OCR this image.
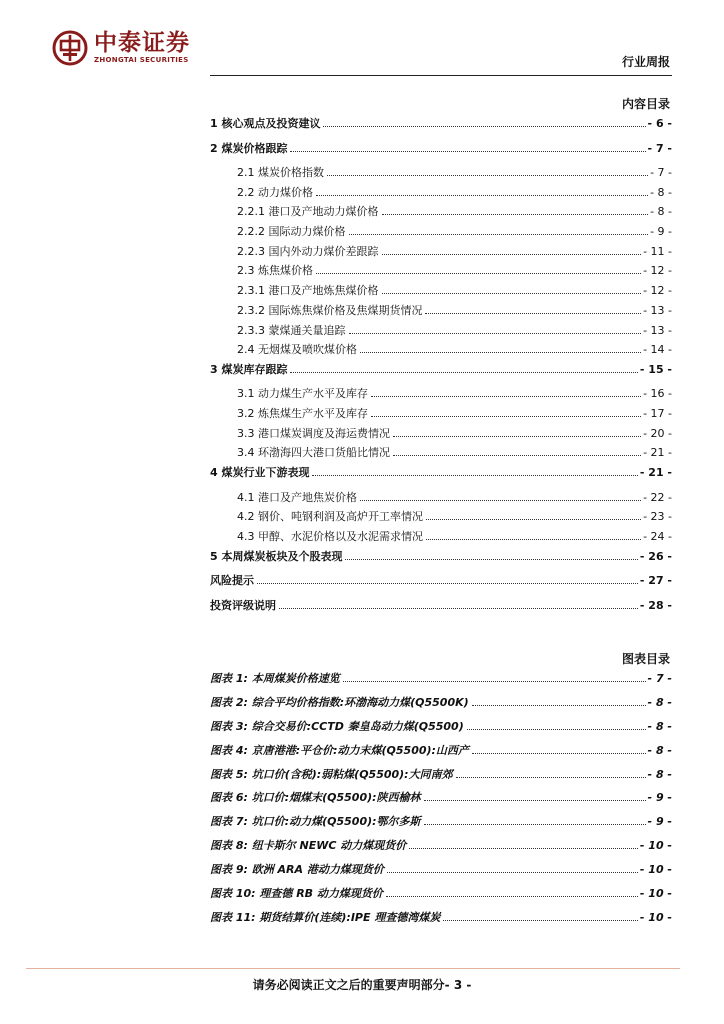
中泰证券
ZHONGTAI SECURITIES	行业周报
内容目录
1 核心观点及投资建议	- 6 -
2 煤炭价格跟踪	- 7 -
2.1 煤炭价格指数	- 7 -
2.2 动力煤价格	- 8 -
2.2.1 港口及产地动力煤价格	- 8 -
2.2.2 国际动力煤价格	- 9 -
2.2.3 国内外动力煤价差跟踪	- 11 -
2.3 炼焦煤价格	- 12 -
2.3.1 港口及产地炼焦煤价格	- 12 -
2.3.2 国际炼焦煤价格及焦煤期货情况	- 13 -
2.3.3 蒙煤通关量追踪	- 13 -
2.4 无烟煤及喷吹煤价格	- 14 -
3 煤炭库存跟踪	- 15 -
3.1 动力煤生产水平及库存	- 16 -
3.2 炼焦煤生产水平及库存	- 17 -
3.3 港口煤炭调度及海运费情况	- 20 -
3.4 环渤海四大港口货船比情况	- 21 -
4 煤炭行业下游表现	- 21 -
4.1 港口及产地焦炭价格	- 22 -
4.2 钢价、吨钢利润及高炉开工率情况	- 23 -
4.3 甲醇、水泥价格以及水泥需求情况	- 24 -
5 本周煤炭板块及个股表现	- 26 -
风险提示	- 27 -
投资评级说明	- 28 -
图表目录
图表 1: 本周煤炭价格速览	- 7 -
图表 2: 综合平均价格指数:环渤海动力煤(Q5500K)	- 8 -
图表 3: 综合交易价:CCTD 秦皇岛动力煤(Q5500)	- 8 -
图表 4: 京唐港港:平仓价:动力末煤(Q5500):山西产	- 8 -
图表 5: 坑口价(含税):弱粘煤(Q5500):大同南郊	- 8 -
图表 6: 坑口价:烟煤末(Q5500):陕西榆林	- 9 -
图表 7: 坑口价:动力煤(Q5500):鄂尔多斯	- 9 -
图表 8: 纽卡斯尔 NEWC 动力煤现货价	- 10 -
图表 9: 欧洲 ARA 港动力煤现货价	- 10 -
图表 10: 理查德 RB 动力煤现货价	- 10 -
图表 11: 期货结算价(连续):IPE 理查德湾煤炭	- 10 -
请务必阅读正文之后的重要声明部分- 3 -
